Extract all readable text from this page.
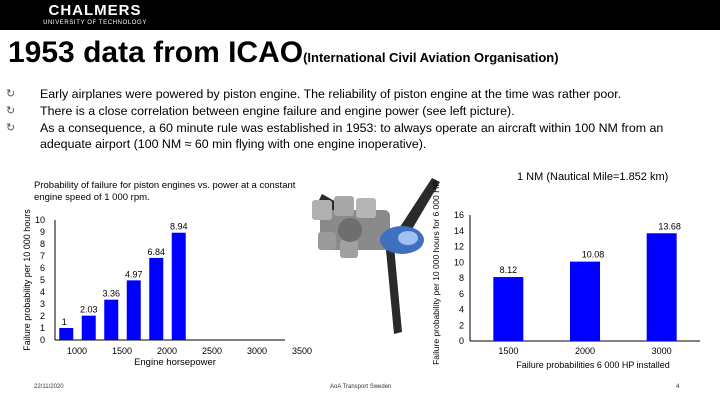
CHALMERS
UNIVERSITY OF TECHNOLOGY
1953 data from ICAO(International Civil Aviation Organisation)
↻	Early airplanes were powered by piston engine. The reliability of piston engine at the time was rather poor.
↻	There is a close correlation between engine failure and engine power (see left picture).
↻	As a consequence, a 60 minute rule was established in 1953: to always operate an aircraft within 100 NM from an adequate airport (100 NM ≈ 60 min flying with one engine inoperative).
1 NM (Nautical Mile=1.852 km)
Probability of failure for piston engines vs. power at a constant engine speed of 1 000 rpm.
0
1
2
3
4
5
6
7
8
9
10
1000	1500	2000	2500	3000	3500
1
2.03
3.36
4.97
6.84
8.94
Engine horsepower
Failure probability per 10 000 hours	0
2
4
6
8
10
12
14
16
8.12
1500
10.08
2000
13.68
3000
Failure probabilities 6 000 HP installed
Failure probability per 10 000 hours for 6 000 HP
22/11/2020	AoA Transport Sweden	4
